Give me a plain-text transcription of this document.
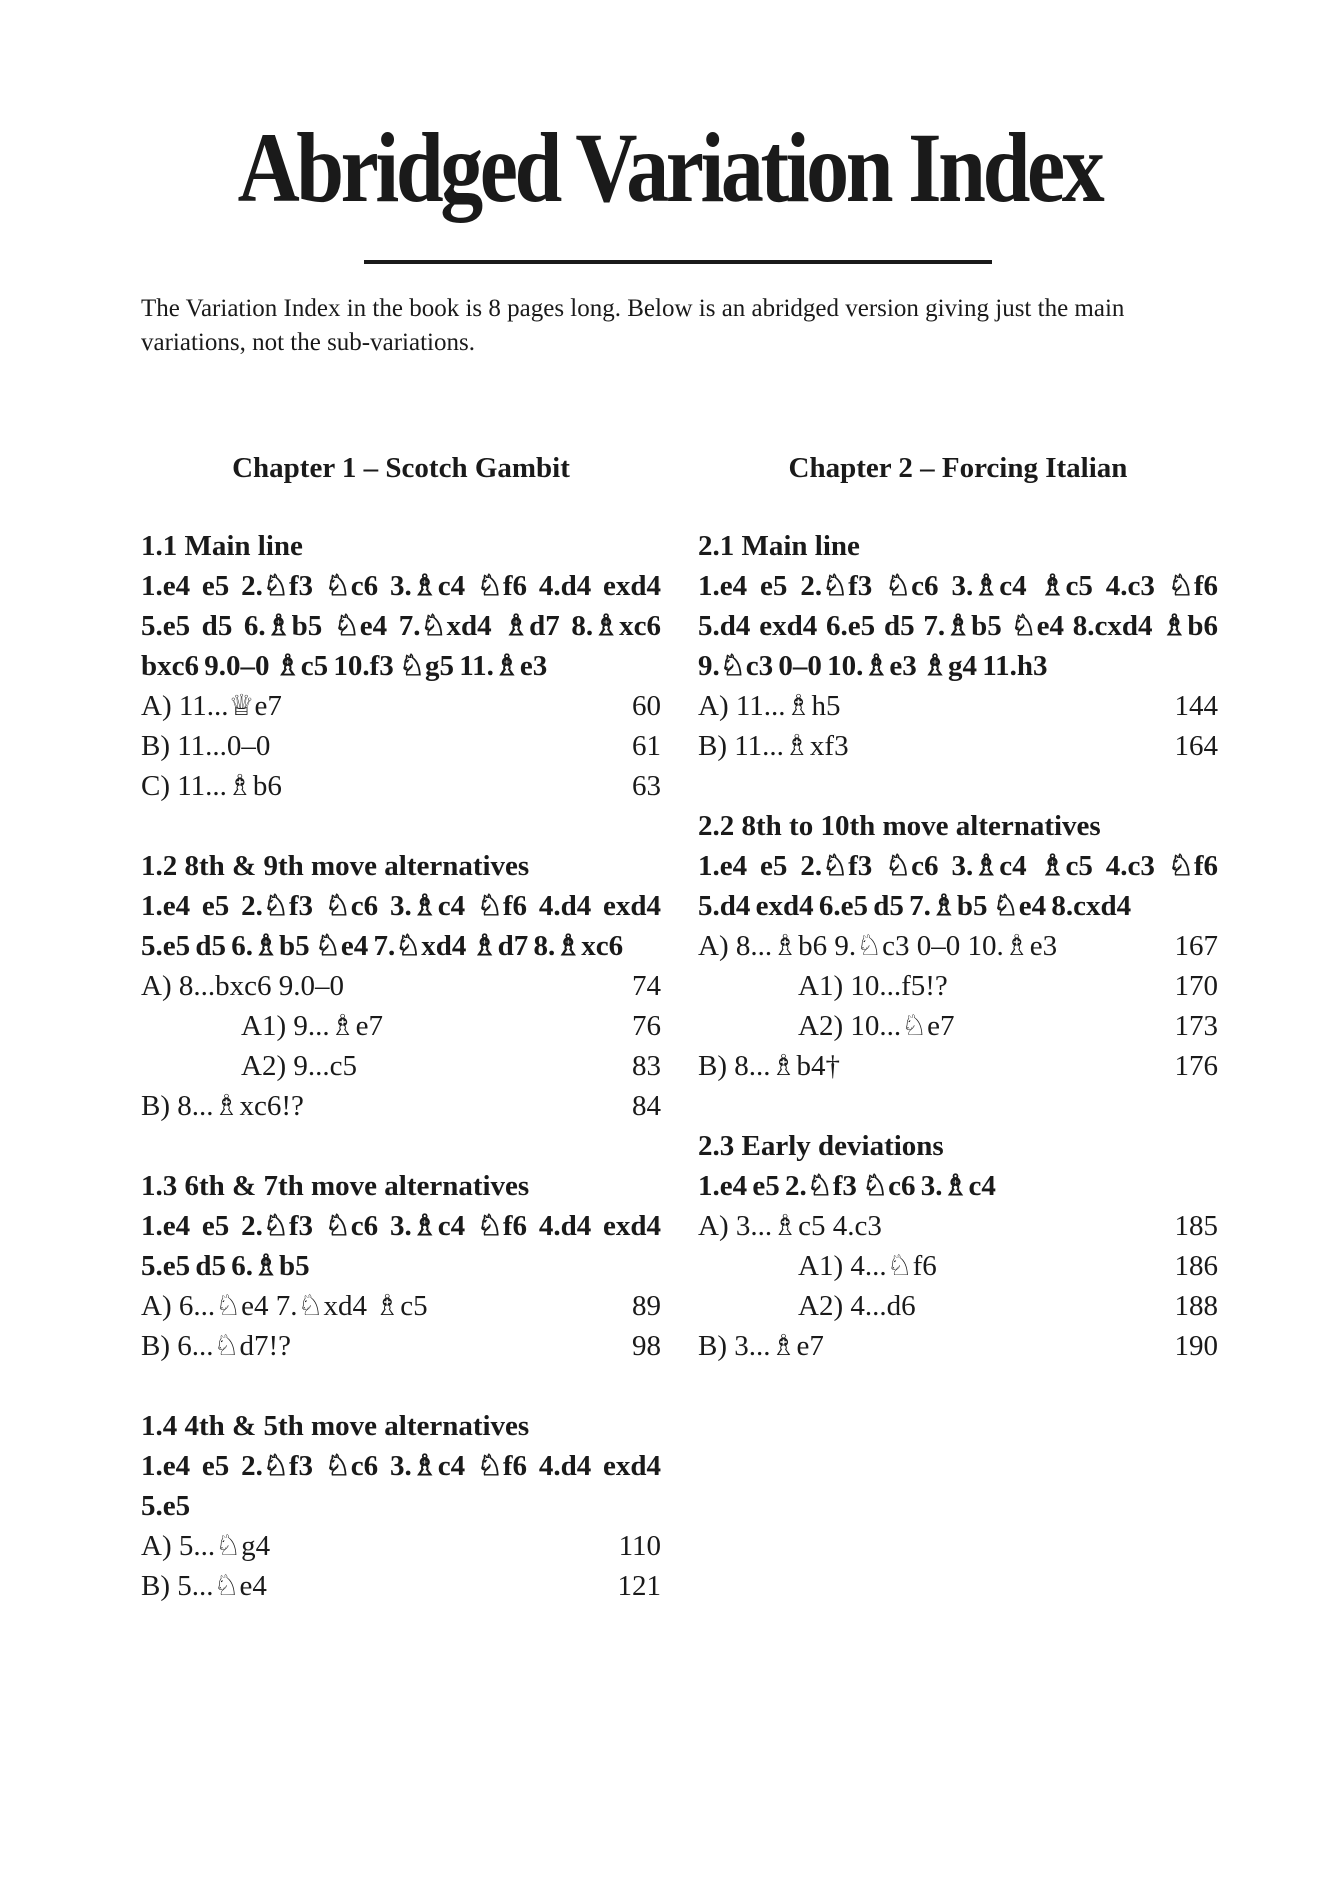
Abridged Variation Index
The Variation Index in the book is 8 pages long. Below is an abridged version giving just the main variations, not the sub-variations.
Chapter 1 – Scotch Gambit
1.1 Main line
1.e4 e5 2.♘f3 ♘c6 3.♗c4 ♘f6 4.d4 exd4 5.e5 d5 6.♗b5 ♘e4 7.♘xd4 ♗d7 8.♗xc6 bxc6 9.0–0 ♗c5 10.f3 ♘g5 11.♗e3
A) 11...♕e7	60
B) 11...0–0	61
C) 11...♗b6	63
1.2 8th & 9th move alternatives
1.e4 e5 2.♘f3 ♘c6 3.♗c4 ♘f6 4.d4 exd4 5.e5 d5 6.♗b5 ♘e4 7.♘xd4 ♗d7 8.♗xc6
A) 8...bxc6 9.0–0	74
A1) 9...♗e7	76
A2) 9...c5	83
B) 8...♗xc6!?	84
1.3 6th & 7th move alternatives
1.e4 e5 2.♘f3 ♘c6 3.♗c4 ♘f6 4.d4 exd4 5.e5 d5 6.♗b5
A) 6...♘e4 7.♘xd4 ♗c5	89
B) 6...♘d7!?	98
1.4 4th & 5th move alternatives
1.e4 e5 2.♘f3 ♘c6 3.♗c4 ♘f6 4.d4 exd4 5.e5
A) 5...♘g4	110
B) 5...♘e4	121
Chapter 2 – Forcing Italian
2.1 Main line
1.e4 e5 2.♘f3 ♘c6 3.♗c4 ♗c5 4.c3 ♘f6 5.d4 exd4 6.e5 d5 7.♗b5 ♘e4 8.cxd4 ♗b6 9.♘c3 0–0 10.♗e3 ♗g4 11.h3
A) 11...♗h5	144
B) 11...♗xf3	164
2.2 8th to 10th move alternatives
1.e4 e5 2.♘f3 ♘c6 3.♗c4 ♗c5 4.c3 ♘f6 5.d4 exd4 6.e5 d5 7.♗b5 ♘e4 8.cxd4
A) 8...♗b6 9.♘c3 0–0 10.♗e3	167
A1) 10...f5!?	170
A2) 10...♘e7	173
B) 8...♗b4†	176
2.3 Early deviations
1.e4 e5 2.♘f3 ♘c6 3.♗c4
A) 3...♗c5 4.c3	185
A1) 4...♘f6	186
A2) 4...d6	188
B) 3...♗e7	190
